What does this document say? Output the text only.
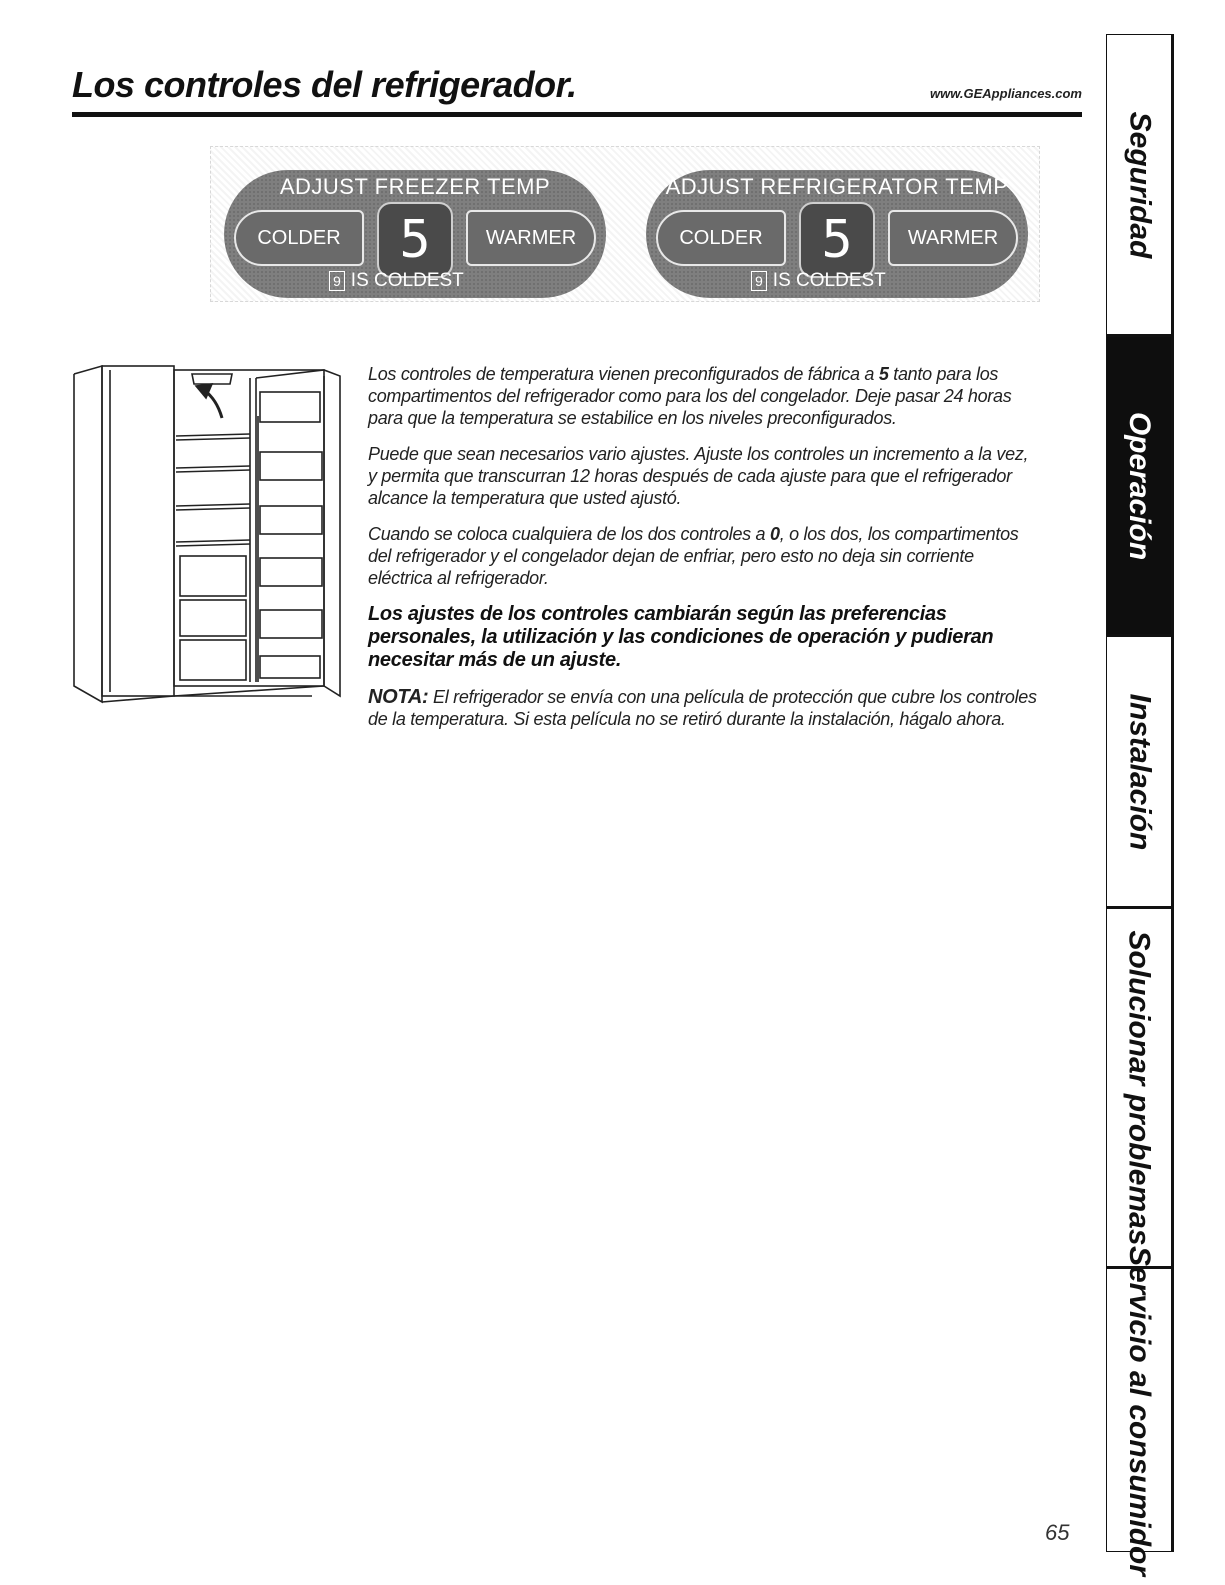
Los controles del refrigerador.	www.GEAppliances.com
ADJUST FREEZER TEMP
COLDER	5	WARMER
9 IS COLDEST
ADJUST REFRIGERATOR TEMP
COLDER	5	WARMER
9 IS COLDEST

Los controles de temperatura vienen preconfigurados de fábrica a 5 tanto para los compartimentos del refrigerador como para los del congelador. Deje pasar 24 horas para que la temperatura se estabilice en los niveles preconfigurados.

Puede que sean necesarios vario ajustes. Ajuste los controles un incremento a la vez, y permita que transcurran 12 horas después de cada ajuste para que el refrigerador alcance la temperatura que usted ajustó.

Cuando se coloca cualquiera de los dos controles a 0, o los dos, los compartimentos del refrigerador y el congelador dejan de enfriar, pero esto no deja sin corriente eléctrica al refrigerador.

Los ajustes de los controles cambiarán según las preferencias personales, la utilización y las condiciones de operación y pudieran necesitar más de un ajuste.

NOTA: El refrigerador se envía con una película de protección que cubre los controles de la temperatura. Si esta película no se retiró durante la instalación, hágalo ahora.

Seguridad
Operación
Instalación
Solucionar problemas
Servicio al consumidor
65
